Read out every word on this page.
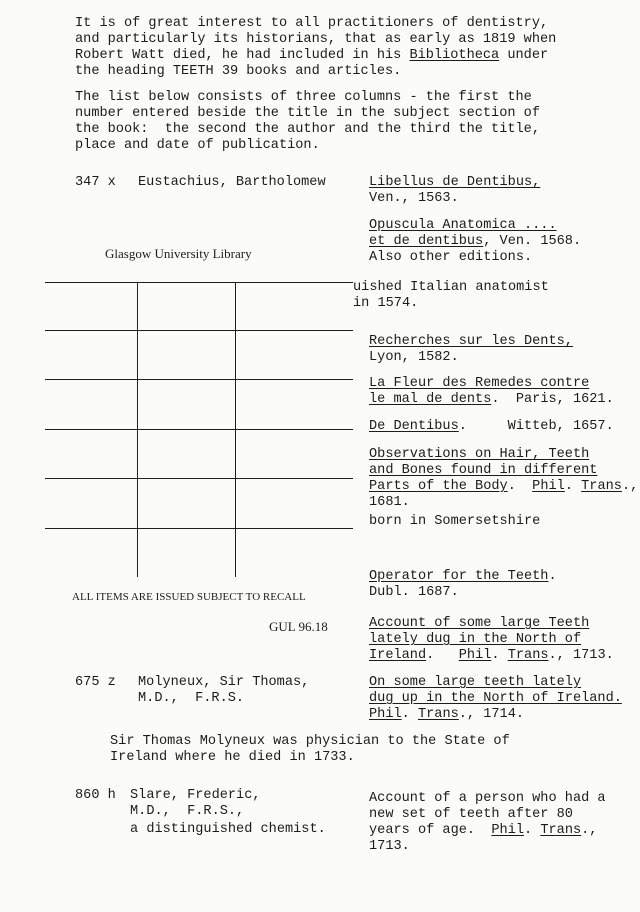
It is of great interest to all practitioners of dentistry,
and particularly its historians, that as early as 1819 when
Robert Watt died, he had included in his Bibliotheca under
the heading TEETH 39 books and articles.
The list below consists of three columns - the first the
number entered beside the title in the subject section of
the book:  the second the author and the third the title,
place and date of publication.
347 x Eustachius, Bartholomew	Libellus de Dentibus,
Ven., 1563.
Opuscula Anatomica ....
et de dentibus, Ven. 1568.
Also other editions.
uished Italian anatomist
in 1574.
Recherches sur les Dents,
Lyon, 1582.
La Fleur des Remedes contre
le mal de dents.  Paris, 1621.
De Dentibus.     Witteb, 1657.
Observations on Hair, Teeth
and Bones found in different
Parts of the Body.  Phil. Trans.,
1681.
born in Somersetshire
Operator for the Teeth.
Dubl. 1687.
Account of some large Teeth
lately dug in the North of
Ireland.   Phil. Trans., 1713.
675 z Molyneux, Sir Thomas,
M.D.,  F.R.S.
On some large teeth lately
dug up in the North of Ireland.
Phil. Trans., 1714.
Sir Thomas Molyneux was physician to the State of
Ireland where he died in 1733.
860 h Slare, Frederic,
M.D.,  F.R.S.,
a distinguished chemist.
Account of a person who had a
new set of teeth after 80
years of age.  Phil. Trans.,
1713.
Glasgow University Library
ALL ITEMS ARE ISSUED SUBJECT TO RECALL
GUL 96.18
